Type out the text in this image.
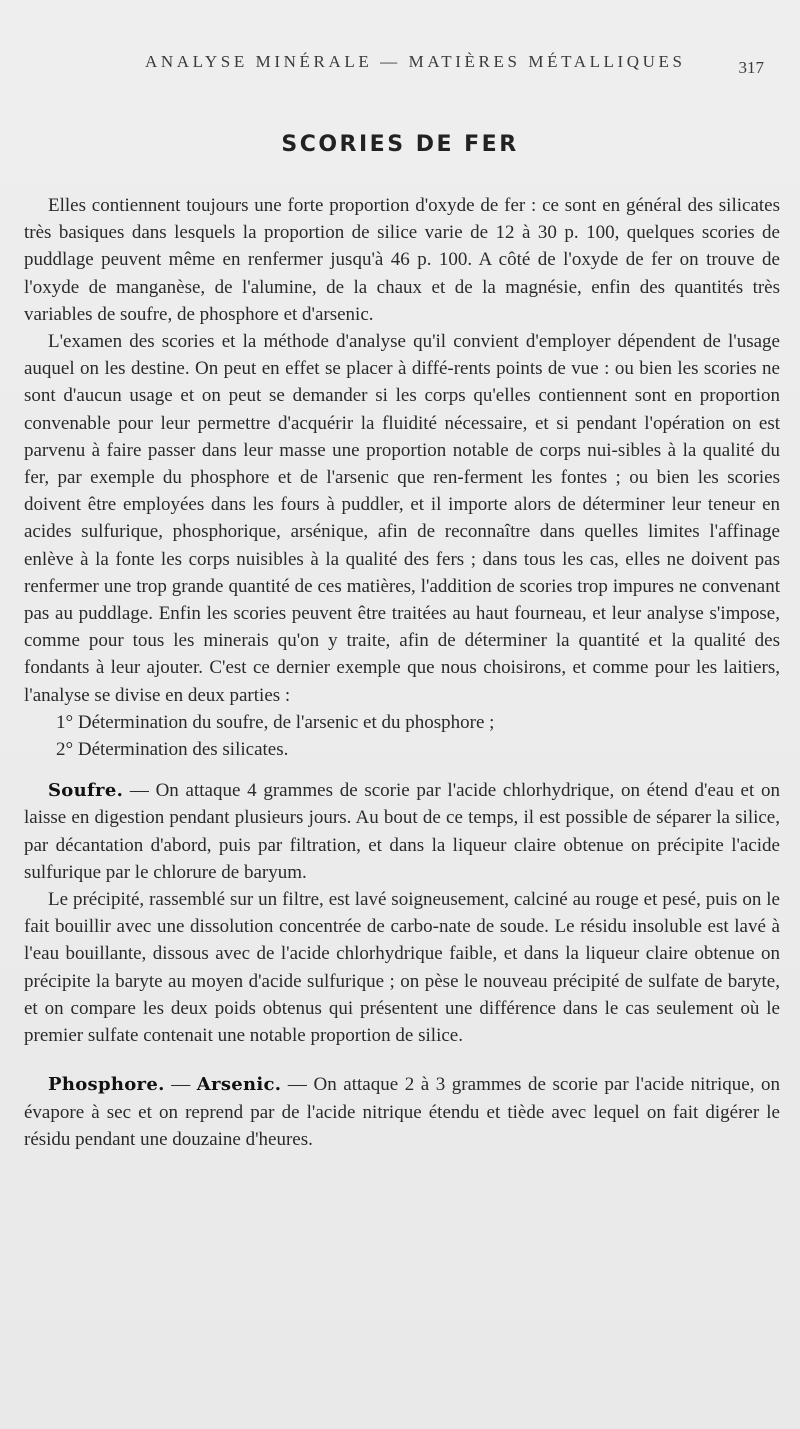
ANALYSE MINÉRALE — MATIÈRES MÉTALLIQUES	317
SCORIES DE FER

Elles contiennent toujours une forte proportion d'oxyde de fer : ce sont en général des silicates très basiques dans lesquels la proportion de silice varie de 12 à 30 p. 100, quelques scories de puddlage peuvent même en renfermer jusqu'à 46 p. 100. A côté de l'oxyde de fer on trouve de l'oxyde de manganèse, de l'alumine, de la chaux et de la magnésie, enfin des quantités très variables de soufre, de phosphore et d'arsenic.

L'examen des scories et la méthode d'analyse qu'il convient d'employer dépendent de l'usage auquel on les destine. On peut en effet se placer à diffé-rents points de vue : ou bien les scories ne sont d'aucun usage et on peut se demander si les corps qu'elles contiennent sont en proportion convenable pour leur permettre d'acquérir la fluidité nécessaire, et si pendant l'opération on est parvenu à faire passer dans leur masse une proportion notable de corps nui-sibles à la qualité du fer, par exemple du phosphore et de l'arsenic que ren-ferment les fontes ; ou bien les scories doivent être employées dans les fours à puddler, et il importe alors de déterminer leur teneur en acides sulfurique, phosphorique, arsénique, afin de reconnaître dans quelles limites l'affinage enlève à la fonte les corps nuisibles à la qualité des fers ; dans tous les cas, elles ne doivent pas renfermer une trop grande quantité de ces matières, l'addition de scories trop impures ne convenant pas au puddlage. Enfin les scories peuvent être traitées au haut fourneau, et leur analyse s'impose, comme pour tous les minerais qu'on y traite, afin de déterminer la quantité et la qualité des fondants à leur ajouter. C'est ce dernier exemple que nous choisirons, et comme pour les laitiers, l'analyse se divise en deux parties :

1° Détermination du soufre, de l'arsenic et du phosphore ;

2° Détermination des silicates.

Soufre. — On attaque 4 grammes de scorie par l'acide chlorhydrique, on étend d'eau et on laisse en digestion pendant plusieurs jours. Au bout de ce temps, il est possible de séparer la silice, par décantation d'abord, puis par filtration, et dans la liqueur claire obtenue on précipite l'acide sulfurique par le chlorure de baryum.

Le précipité, rassemblé sur un filtre, est lavé soigneusement, calciné au rouge et pesé, puis on le fait bouillir avec une dissolution concentrée de carbo-nate de soude. Le résidu insoluble est lavé à l'eau bouillante, dissous avec de l'acide chlorhydrique faible, et dans la liqueur claire obtenue on précipite la baryte au moyen d'acide sulfurique ; on pèse le nouveau précipité de sulfate de baryte, et on compare les deux poids obtenus qui présentent une différence dans le cas seulement où le premier sulfate contenait une notable proportion de silice.

Phosphore. — Arsenic. — On attaque 2 à 3 grammes de scorie par l'acide nitrique, on évapore à sec et on reprend par de l'acide nitrique étendu et tiède avec lequel on fait digérer le résidu pendant une douzaine d'heures.
